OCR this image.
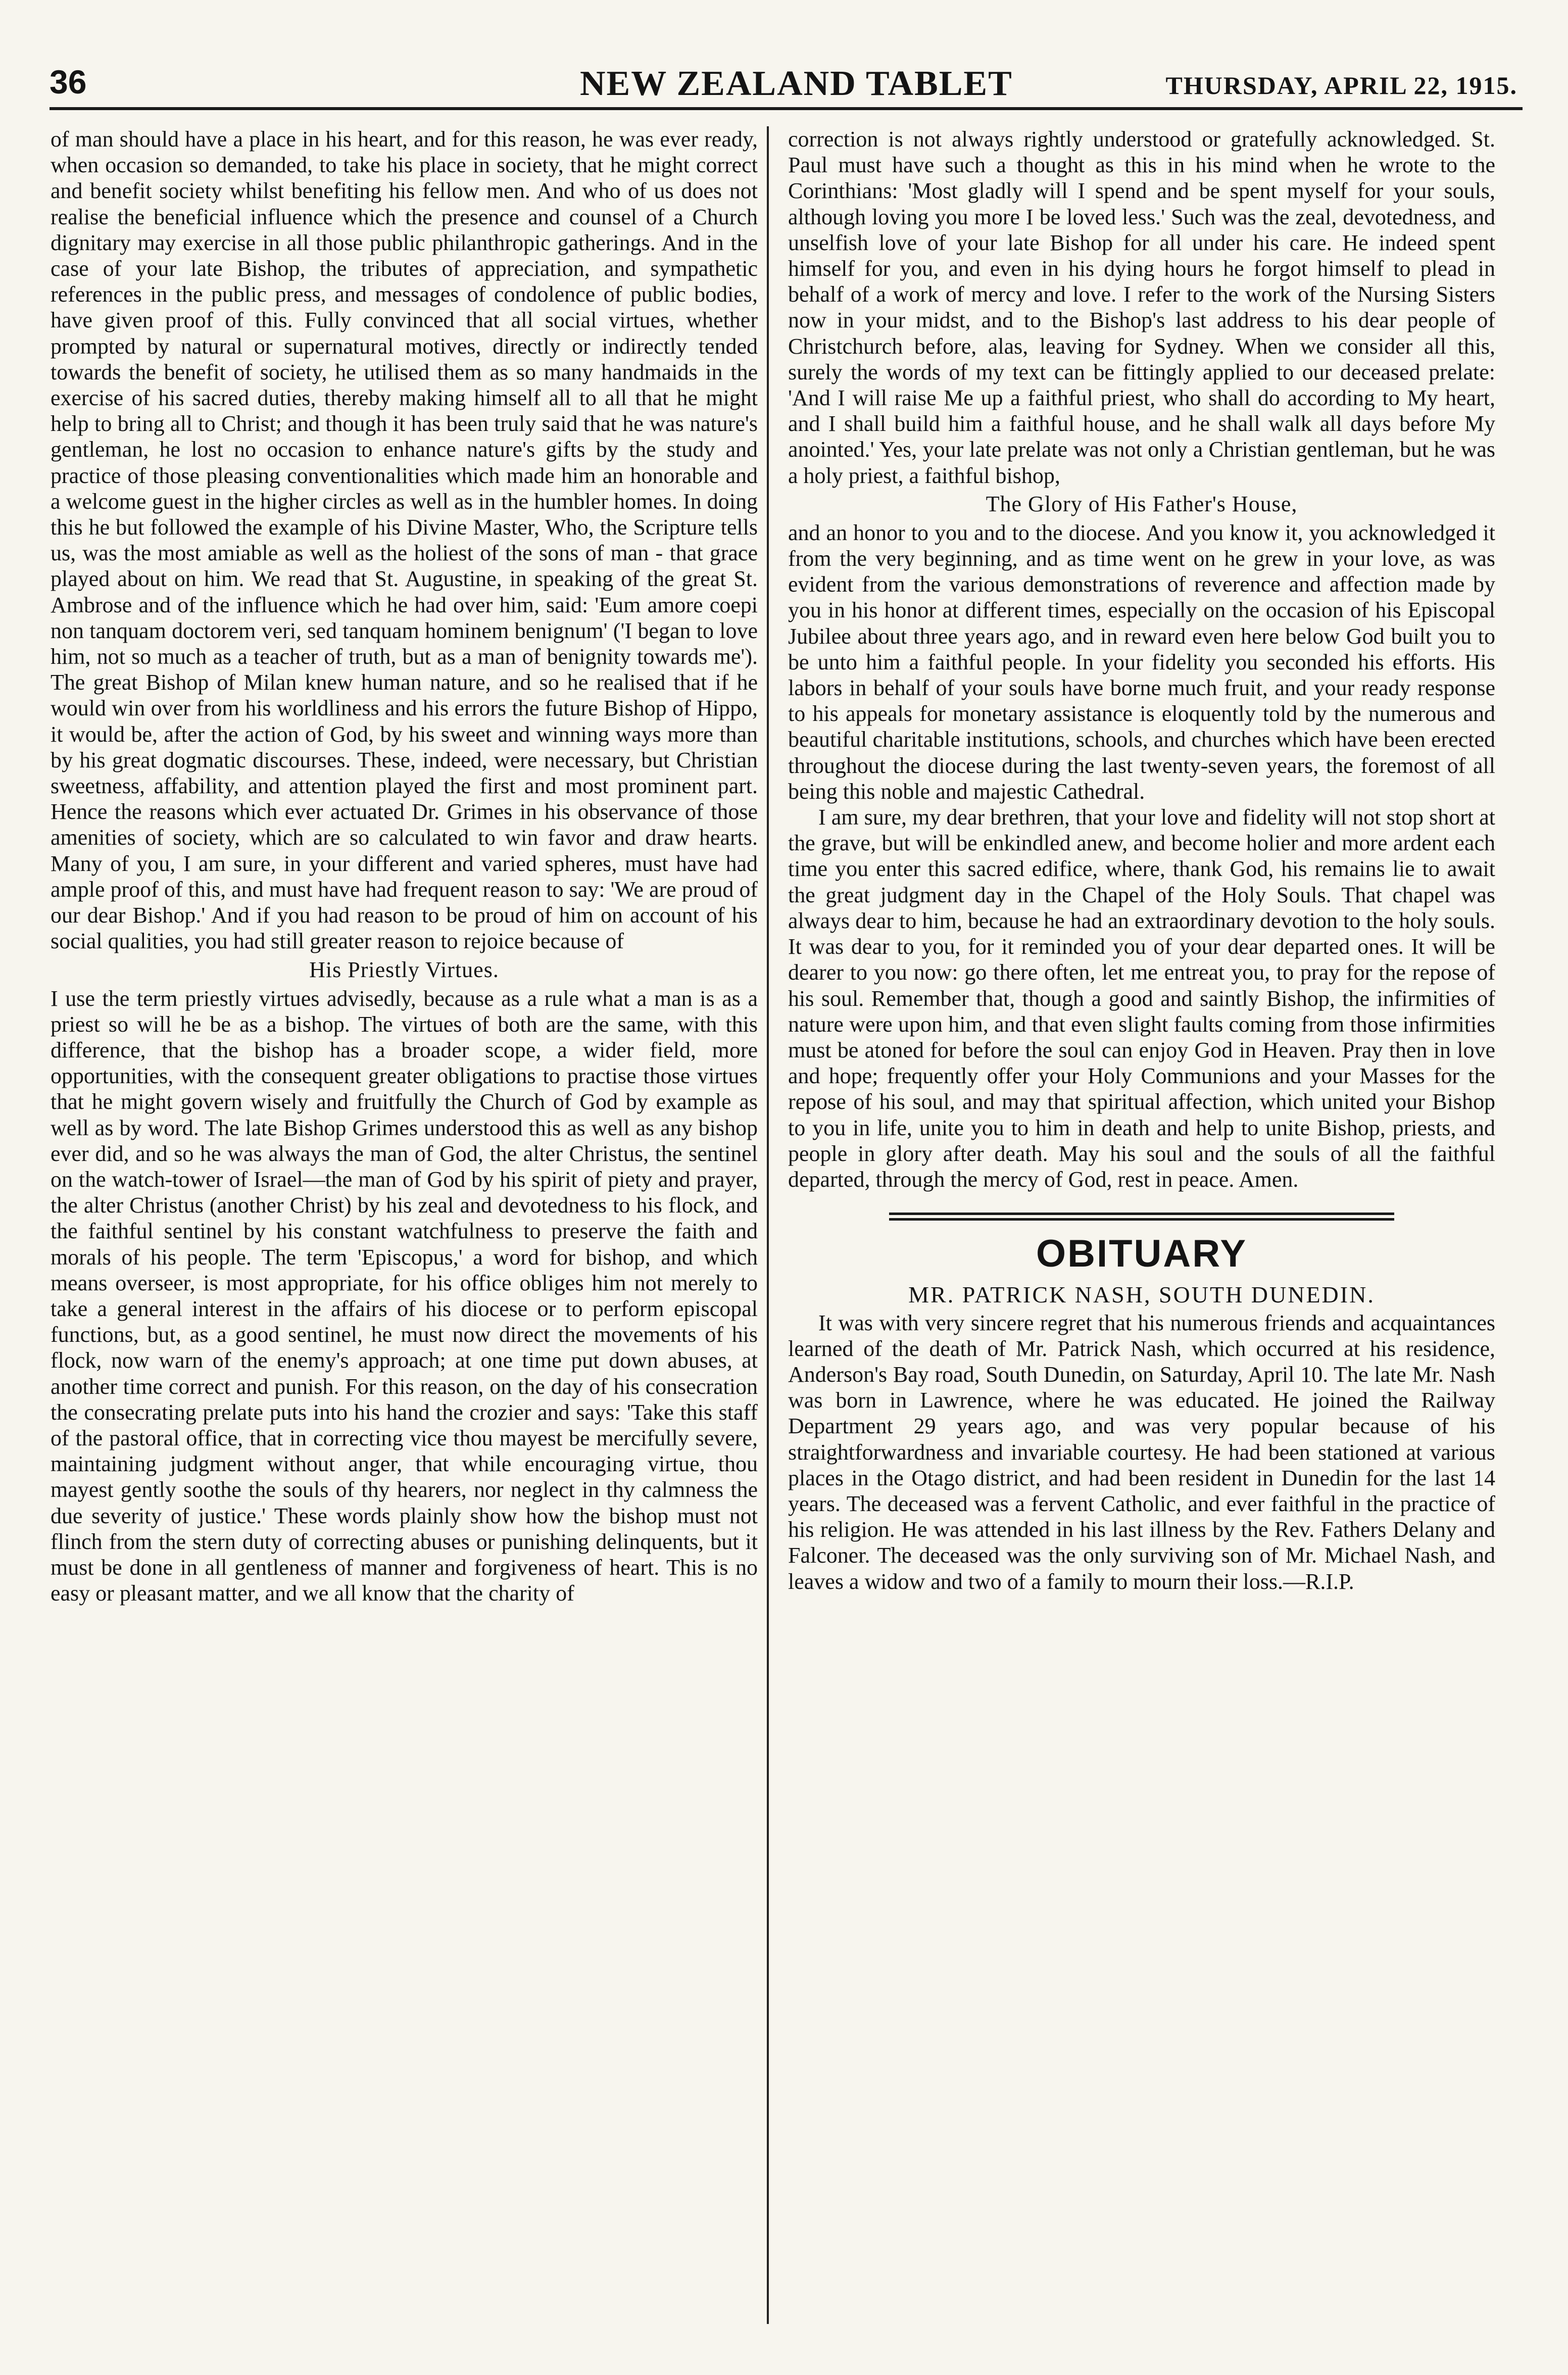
36	NEW ZEALAND TABLET	THURSDAY, APRIL 22, 1915.

of man should have a place in his heart, and for this reason, he was ever ready, when occasion so demanded, to take his place in society, that he might correct and benefit society whilst benefiting his fellow men. And who of us does not realise the beneficial influence which the presence and counsel of a Church dignitary may exercise in all those public philanthropic gatherings. And in the case of your late Bishop, the tributes of appreciation, and sympathetic references in the public press, and messages of condolence of public bodies, have given proof of this. Fully convinced that all social virtues, whether prompted by natural or supernatural motives, directly or indirectly tended towards the benefit of society, he utilised them as so many handmaids in the exercise of his sacred duties, thereby making himself all to all that he might help to bring all to Christ; and though it has been truly said that he was nature's gentleman, he lost no occasion to enhance nature's gifts by the study and practice of those pleasing conventionalities which made him an honorable and a welcome guest in the higher circles as well as in the humbler homes. In doing this he but followed the example of his Divine Master, Who, the Scripture tells us, was the most amiable as well as the holiest of the sons of man - that grace played about on him. We read that St. Augustine, in speaking of the great St. Ambrose and of the influence which he had over him, said: 'Eum amore coepi non tanquam doctorem veri, sed tanquam hominem benignum' ('I began to love him, not so much as a teacher of truth, but as a man of benignity towards me'). The great Bishop of Milan knew human nature, and so he realised that if he would win over from his worldliness and his errors the future Bishop of Hippo, it would be, after the action of God, by his sweet and winning ways more than by his great dogmatic discourses. These, indeed, were necessary, but Christian sweetness, affability, and attention played the first and most prominent part. Hence the reasons which ever actuated Dr. Grimes in his observance of those amenities of society, which are so calculated to win favor and draw hearts. Many of you, I am sure, in your different and varied spheres, must have had ample proof of this, and must have had frequent reason to say: 'We are proud of our dear Bishop.' And if you had reason to be proud of him on account of his social qualities, you had still greater reason to rejoice because of

His Priestly Virtues.

I use the term priestly virtues advisedly, because as a rule what a man is as a priest so will he be as a bishop. The virtues of both are the same, with this difference, that the bishop has a broader scope, a wider field, more opportunities, with the consequent greater obligations to practise those virtues that he might govern wisely and fruitfully the Church of God by example as well as by word. The late Bishop Grimes understood this as well as any bishop ever did, and so he was always the man of God, the alter Christus, the sentinel on the watch-tower of Israel—the man of God by his spirit of piety and prayer, the alter Christus (another Christ) by his zeal and devotedness to his flock, and the faithful sentinel by his constant watchfulness to preserve the faith and morals of his people. The term 'Episcopus,' a word for bishop, and which means overseer, is most appropriate, for his office obliges him not merely to take a general interest in the affairs of his diocese or to perform episcopal functions, but, as a good sentinel, he must now direct the movements of his flock, now warn of the enemy's approach; at one time put down abuses, at another time correct and punish. For this reason, on the day of his consecration the consecrating prelate puts into his hand the crozier and says: 'Take this staff of the pastoral office, that in correcting vice thou mayest be mercifully severe, maintaining judgment without anger, that while encouraging virtue, thou mayest gently soothe the souls of thy hearers, nor neglect in thy calmness the due severity of justice.' These words plainly show how the bishop must not flinch from the stern duty of correcting abuses or punishing delinquents, but it must be done in all gentleness of manner and forgiveness of heart. This is no easy or pleasant matter, and we all know that the charity of

correction is not always rightly understood or gratefully acknowledged. St. Paul must have such a thought as this in his mind when he wrote to the Corinthians: 'Most gladly will I spend and be spent myself for your souls, although loving you more I be loved less.' Such was the zeal, devotedness, and unselfish love of your late Bishop for all under his care. He indeed spent himself for you, and even in his dying hours he forgot himself to plead in behalf of a work of mercy and love. I refer to the work of the Nursing Sisters now in your midst, and to the Bishop's last address to his dear people of Christchurch before, alas, leaving for Sydney. When we consider all this, surely the words of my text can be fittingly applied to our deceased prelate: 'And I will raise Me up a faithful priest, who shall do according to My heart, and I shall build him a faithful house, and he shall walk all days before My anointed.' Yes, your late prelate was not only a Christian gentleman, but he was a holy priest, a faithful bishop,

The Glory of His Father's House,

and an honor to you and to the diocese. And you know it, you acknowledged it from the very beginning, and as time went on he grew in your love, as was evident from the various demonstrations of reverence and affection made by you in his honor at different times, especially on the occasion of his Episcopal Jubilee about three years ago, and in reward even here below God built you to be unto him a faithful people. In your fidelity you seconded his efforts. His labors in behalf of your souls have borne much fruit, and your ready response to his appeals for monetary assistance is eloquently told by the numerous and beautiful charitable institutions, schools, and churches which have been erected throughout the diocese during the last twenty-seven years, the foremost of all being this noble and majestic Cathedral.

I am sure, my dear brethren, that your love and fidelity will not stop short at the grave, but will be enkindled anew, and become holier and more ardent each time you enter this sacred edifice, where, thank God, his remains lie to await the great judgment day in the Chapel of the Holy Souls. That chapel was always dear to him, because he had an extraordinary devotion to the holy souls. It was dear to you, for it reminded you of your dear departed ones. It will be dearer to you now: go there often, let me entreat you, to pray for the repose of his soul. Remember that, though a good and saintly Bishop, the infirmities of nature were upon him, and that even slight faults coming from those infirmities must be atoned for before the soul can enjoy God in Heaven. Pray then in love and hope; frequently offer your Holy Communions and your Masses for the repose of his soul, and may that spiritual affection, which united your Bishop to you in life, unite you to him in death and help to unite Bishop, priests, and people in glory after death. May his soul and the souls of all the faithful departed, through the mercy of God, rest in peace. Amen.

OBITUARY
MR. PATRICK NASH, SOUTH DUNEDIN.

It was with very sincere regret that his numerous friends and acquaintances learned of the death of Mr. Patrick Nash, which occurred at his residence, Anderson's Bay road, South Dunedin, on Saturday, April 10. The late Mr. Nash was born in Lawrence, where he was educated. He joined the Railway Department 29 years ago, and was very popular because of his straightforwardness and invariable courtesy. He had been stationed at various places in the Otago district, and had been resident in Dunedin for the last 14 years. The deceased was a fervent Catholic, and ever faithful in the practice of his religion. He was attended in his last illness by the Rev. Fathers Delany and Falconer. The deceased was the only surviving son of Mr. Michael Nash, and leaves a widow and two of a family to mourn their loss.—R.I.P.
